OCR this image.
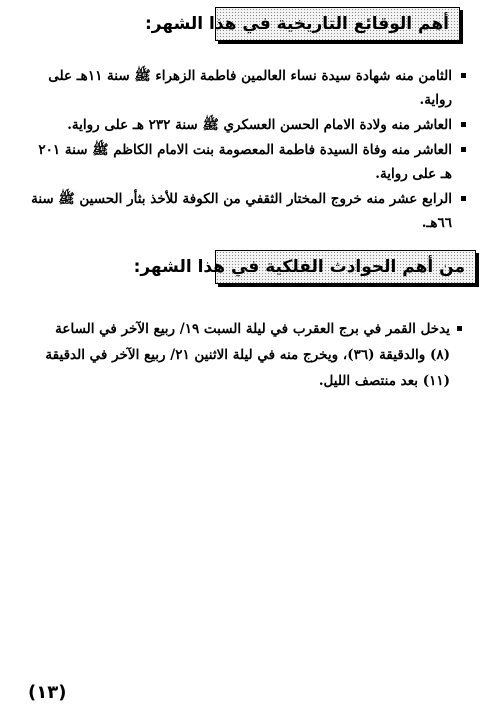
أهم الوقائع التاريخية في هذا الشهر:
الثامن منه شهادة سيدة نساء العالمين فاطمة الزهراء ﷺ سنة ١١هـ على رواية.
العاشر منه ولادة الامام الحسن العسكري ﷺ سنة ٢٣٢ هـ على رواية.
العاشر منه وفاة السيدة فاطمة المعصومة بنت الامام الكاظم ﷺ سنة ٢٠١ هـ على رواية.
الرابع عشر منه خروج المختار الثقفي من الكوفة للأخذ بثأر الحسين ﷺ سنة ٦٦هـ.
من أهم الحوادث الفلكية في هذا الشهر:
يدخل القمر في برج العقرب في ليلة السبت ١٩/ ربيع الآخر في الساعة (٨) والدقيقة (٣٦)، ويخرج منه في ليلة الاثنين ٢١/ ربيع الآخر في الدقيقة (١١) بعد منتصف الليل.
(١٣)
